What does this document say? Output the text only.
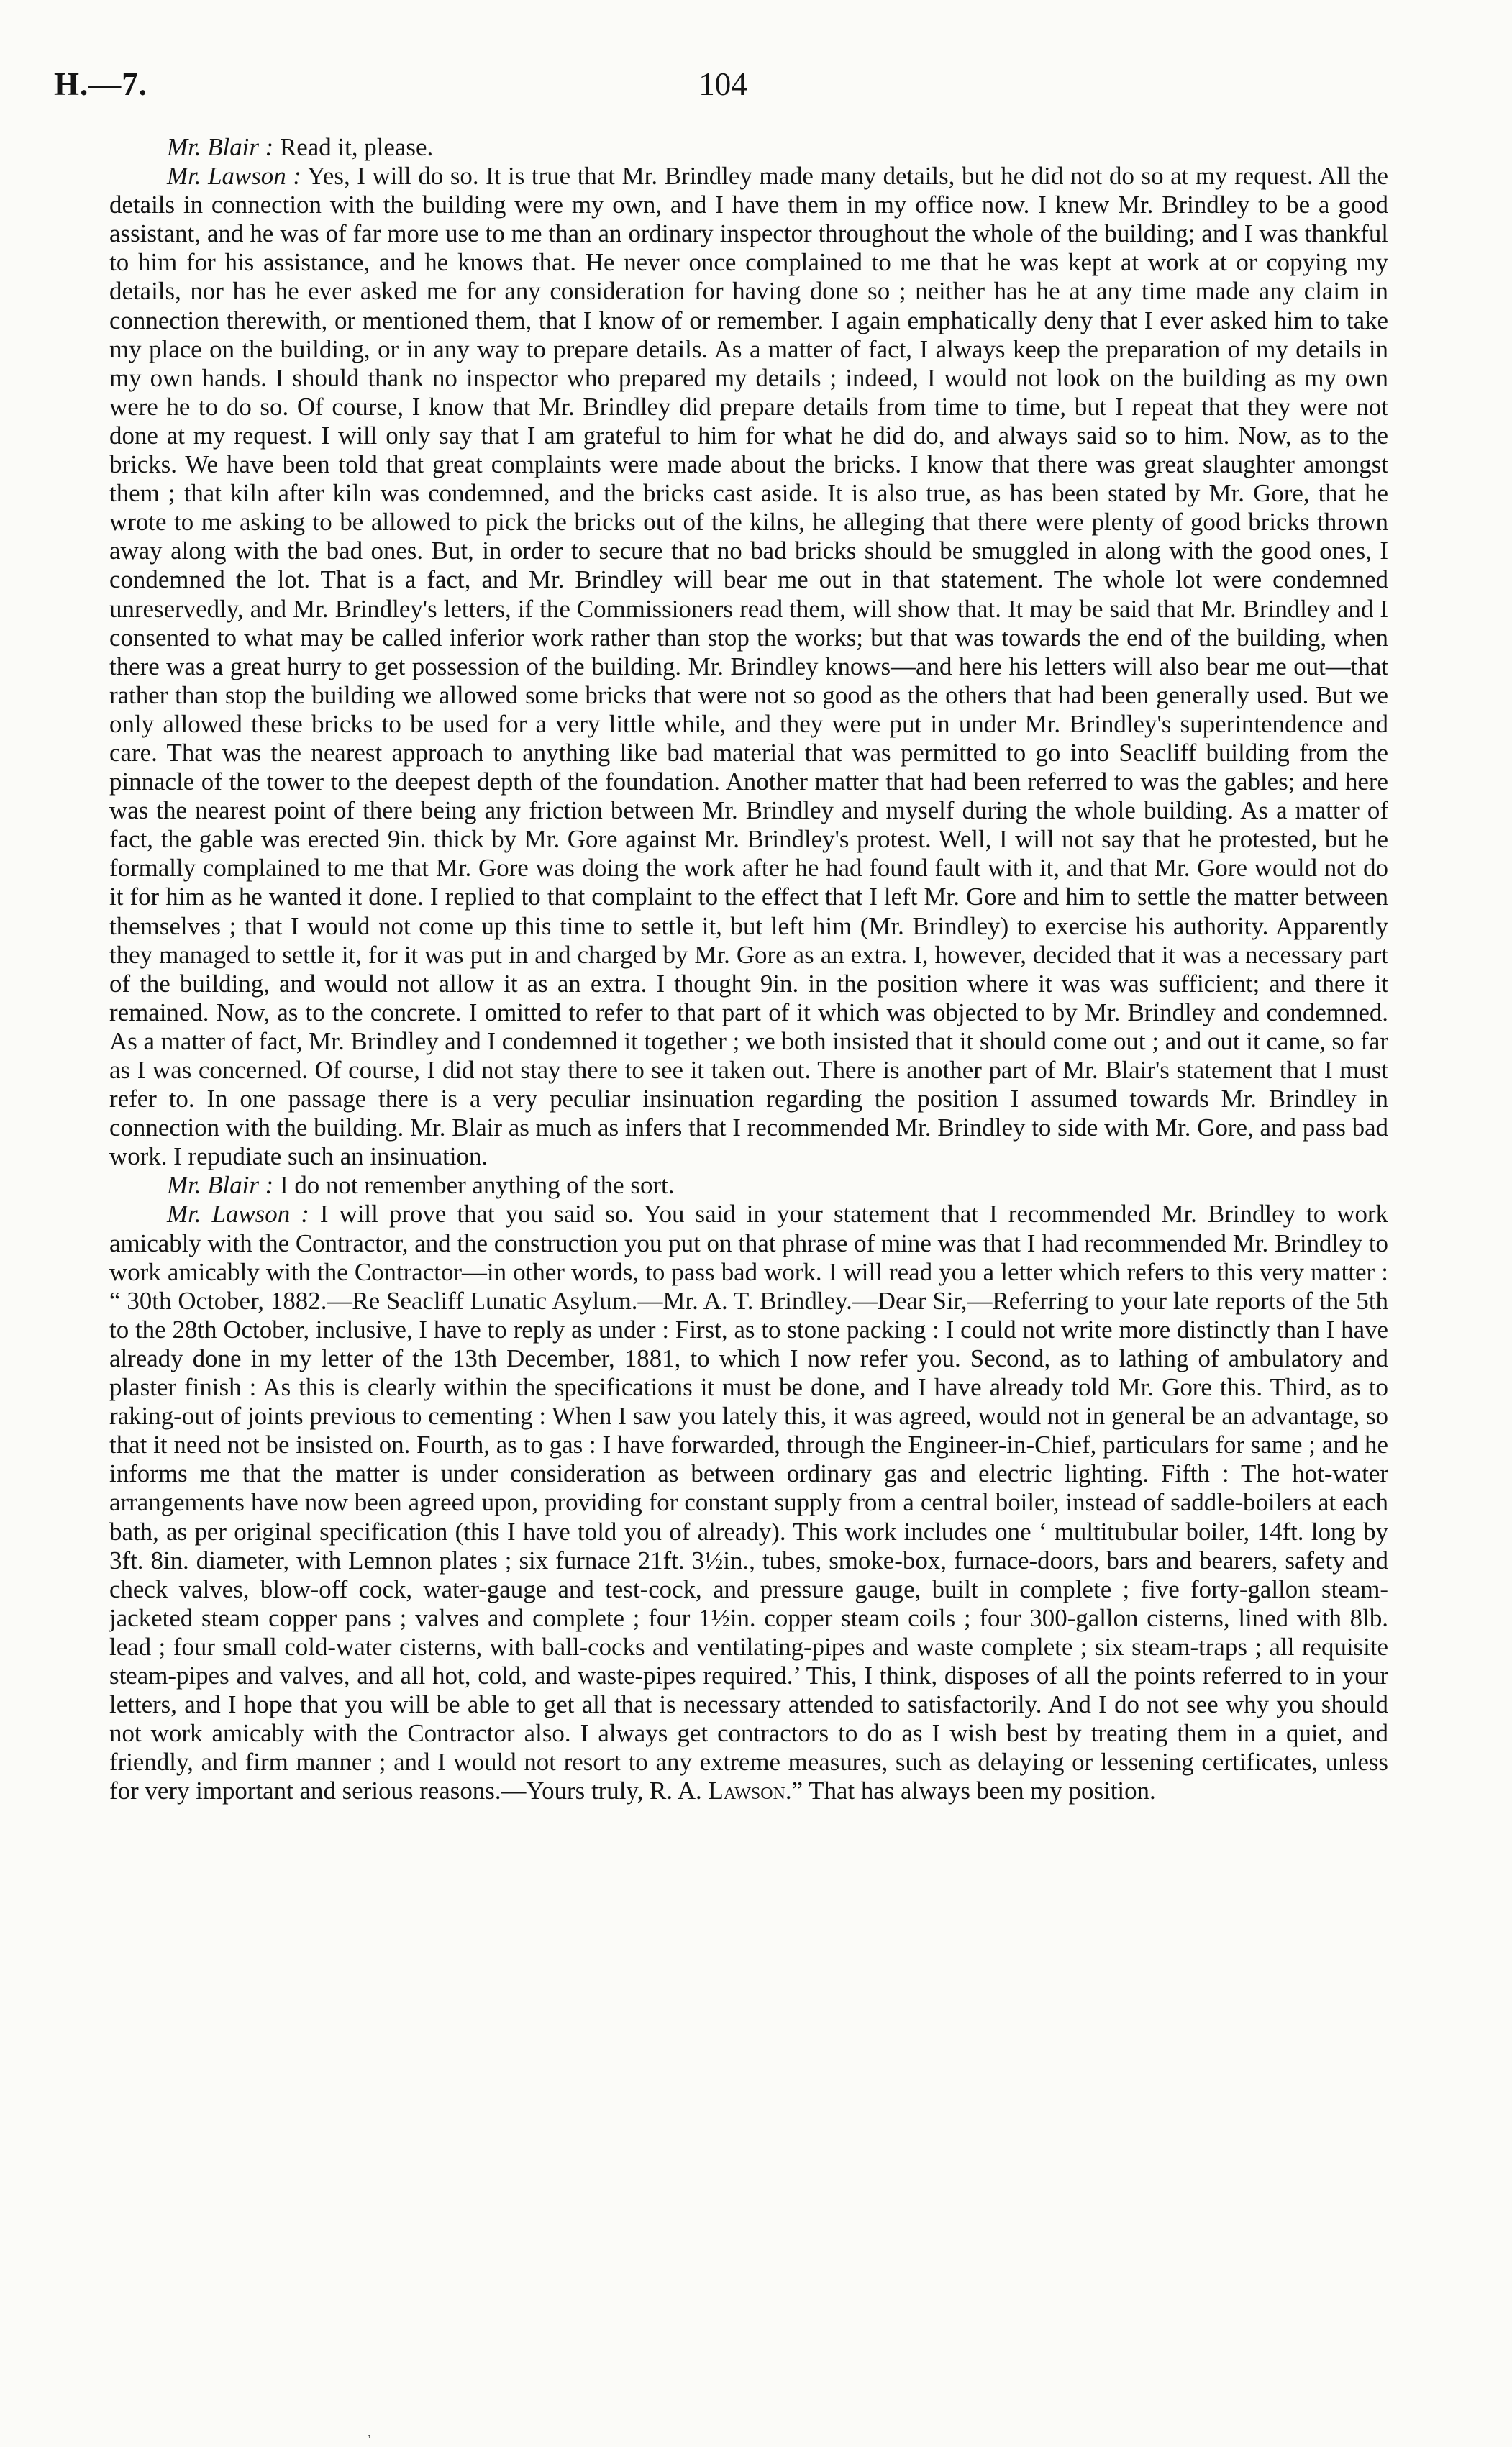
H.—7.	104

Mr. Blair : Read it, please.

Mr. Lawson : Yes, I will do so. It is true that Mr. Brindley made many details, but he did not do so at my request. All the details in connection with the building were my own, and I have them in my office now. I knew Mr. Brindley to be a good assistant, and he was of far more use to me than an ordinary inspector throughout the whole of the building; and I was thankful to him for his assistance, and he knows that. He never once complained to me that he was kept at work at or copying my details, nor has he ever asked me for any consideration for having done so ; neither has he at any time made any claim in connection therewith, or mentioned them, that I know of or remember. I again emphatically deny that I ever asked him to take my place on the building, or in any way to prepare details. As a matter of fact, I always keep the preparation of my details in my own hands. I should thank no inspector who prepared my details ; indeed, I would not look on the building as my own were he to do so. Of course, I know that Mr. Brindley did prepare details from time to time, but I repeat that they were not done at my request. I will only say that I am grateful to him for what he did do, and always said so to him. Now, as to the bricks. We have been told that great complaints were made about the bricks. I know that there was great slaughter amongst them ; that kiln after kiln was condemned, and the bricks cast aside. It is also true, as has been stated by Mr. Gore, that he wrote to me asking to be allowed to pick the bricks out of the kilns, he alleging that there were plenty of good bricks thrown away along with the bad ones. But, in order to secure that no bad bricks should be smuggled in along with the good ones, I condemned the lot. That is a fact, and Mr. Brindley will bear me out in that statement. The whole lot were condemned unreservedly, and Mr. Brindley's letters, if the Commissioners read them, will show that. It may be said that Mr. Brindley and I consented to what may be called inferior work rather than stop the works; but that was towards the end of the building, when there was a great hurry to get possession of the building. Mr. Brindley knows—and here his letters will also bear me out—that rather than stop the building we allowed some bricks that were not so good as the others that had been generally used. But we only allowed these bricks to be used for a very little while, and they were put in under Mr. Brindley's superintendence and care. That was the nearest approach to anything like bad material that was permitted to go into Seacliff building from the pinnacle of the tower to the deepest depth of the foundation. Another matter that had been referred to was the gables; and here was the nearest point of there being any friction between Mr. Brindley and myself during the whole building. As a matter of fact, the gable was erected 9in. thick by Mr. Gore against Mr. Brindley's protest. Well, I will not say that he protested, but he formally complained to me that Mr. Gore was doing the work after he had found fault with it, and that Mr. Gore would not do it for him as he wanted it done. I replied to that complaint to the effect that I left Mr. Gore and him to settle the matter between themselves ; that I would not come up this time to settle it, but left him (Mr. Brindley) to exercise his authority. Apparently they managed to settle it, for it was put in and charged by Mr. Gore as an extra. I, however, decided that it was a necessary part of the building, and would not allow it as an extra. I thought 9in. in the position where it was was sufficient; and there it remained. Now, as to the concrete. I omitted to refer to that part of it which was objected to by Mr. Brindley and condemned. As a matter of fact, Mr. Brindley and I condemned it together ; we both insisted that it should come out ; and out it came, so far as I was concerned. Of course, I did not stay there to see it taken out. There is another part of Mr. Blair's statement that I must refer to. In one passage there is a very peculiar insinuation regarding the position I assumed towards Mr. Brindley in connection with the building. Mr. Blair as much as infers that I recommended Mr. Brindley to side with Mr. Gore, and pass bad work. I repudiate such an insinuation.

Mr. Blair : I do not remember anything of the sort.

Mr. Lawson : I will prove that you said so. You said in your statement that I recommended Mr. Brindley to work amicably with the Contractor, and the construction you put on that phrase of mine was that I had recommended Mr. Brindley to work amicably with the Contractor—in other words, to pass bad work. I will read you a letter which refers to this very matter : “ 30th October, 1882.—Re Seacliff Lunatic Asylum.—Mr. A. T. Brindley.—Dear Sir,—Referring to your late reports of the 5th to the 28th October, inclusive, I have to reply as under : First, as to stone packing : I could not write more distinctly than I have already done in my letter of the 13th December, 1881, to which I now refer you. Second, as to lathing of ambulatory and plaster finish : As this is clearly within the specifications it must be done, and I have already told Mr. Gore this. Third, as to raking-out of joints previous to cementing : When I saw you lately this, it was agreed, would not in general be an advantage, so that it need not be insisted on. Fourth, as to gas : I have forwarded, through the Engineer-in-Chief, particulars for same ; and he informs me that the matter is under consideration as between ordinary gas and electric lighting. Fifth : The hot-water arrangements have now been agreed upon, providing for constant supply from a central boiler, instead of saddle-boilers at each bath, as per original specification (this I have told you of already). This work includes one ‘ multitubular boiler, 14ft. long by 3ft. 8in. diameter, with Lemnon plates ; six furnace 21ft. 3½in., tubes, smoke-box, furnace-doors, bars and bearers, safety and check valves, blow-off cock, water-gauge and test-cock, and pressure gauge, built in complete ; five forty-gallon steam-jacketed steam copper pans ; valves and complete ; four 1½in. copper steam coils ; four 300-gallon cisterns, lined with 8lb. lead ; four small cold-water cisterns, with ball-cocks and ventilating-pipes and waste complete ; six steam-traps ; all requisite steam-pipes and valves, and all hot, cold, and waste-pipes required.’ This, I think, disposes of all the points referred to in your letters, and I hope that you will be able to get all that is necessary attended to satisfactorily. And I do not see why you should not work amicably with the Contractor also. I always get contractors to do as I wish best by treating them in a quiet, and friendly, and firm manner ; and I would not resort to any extreme measures, such as delaying or lessening certificates, unless for very important and serious reasons.—Yours truly, R. A. Lawson.” That has always been my position.

,
